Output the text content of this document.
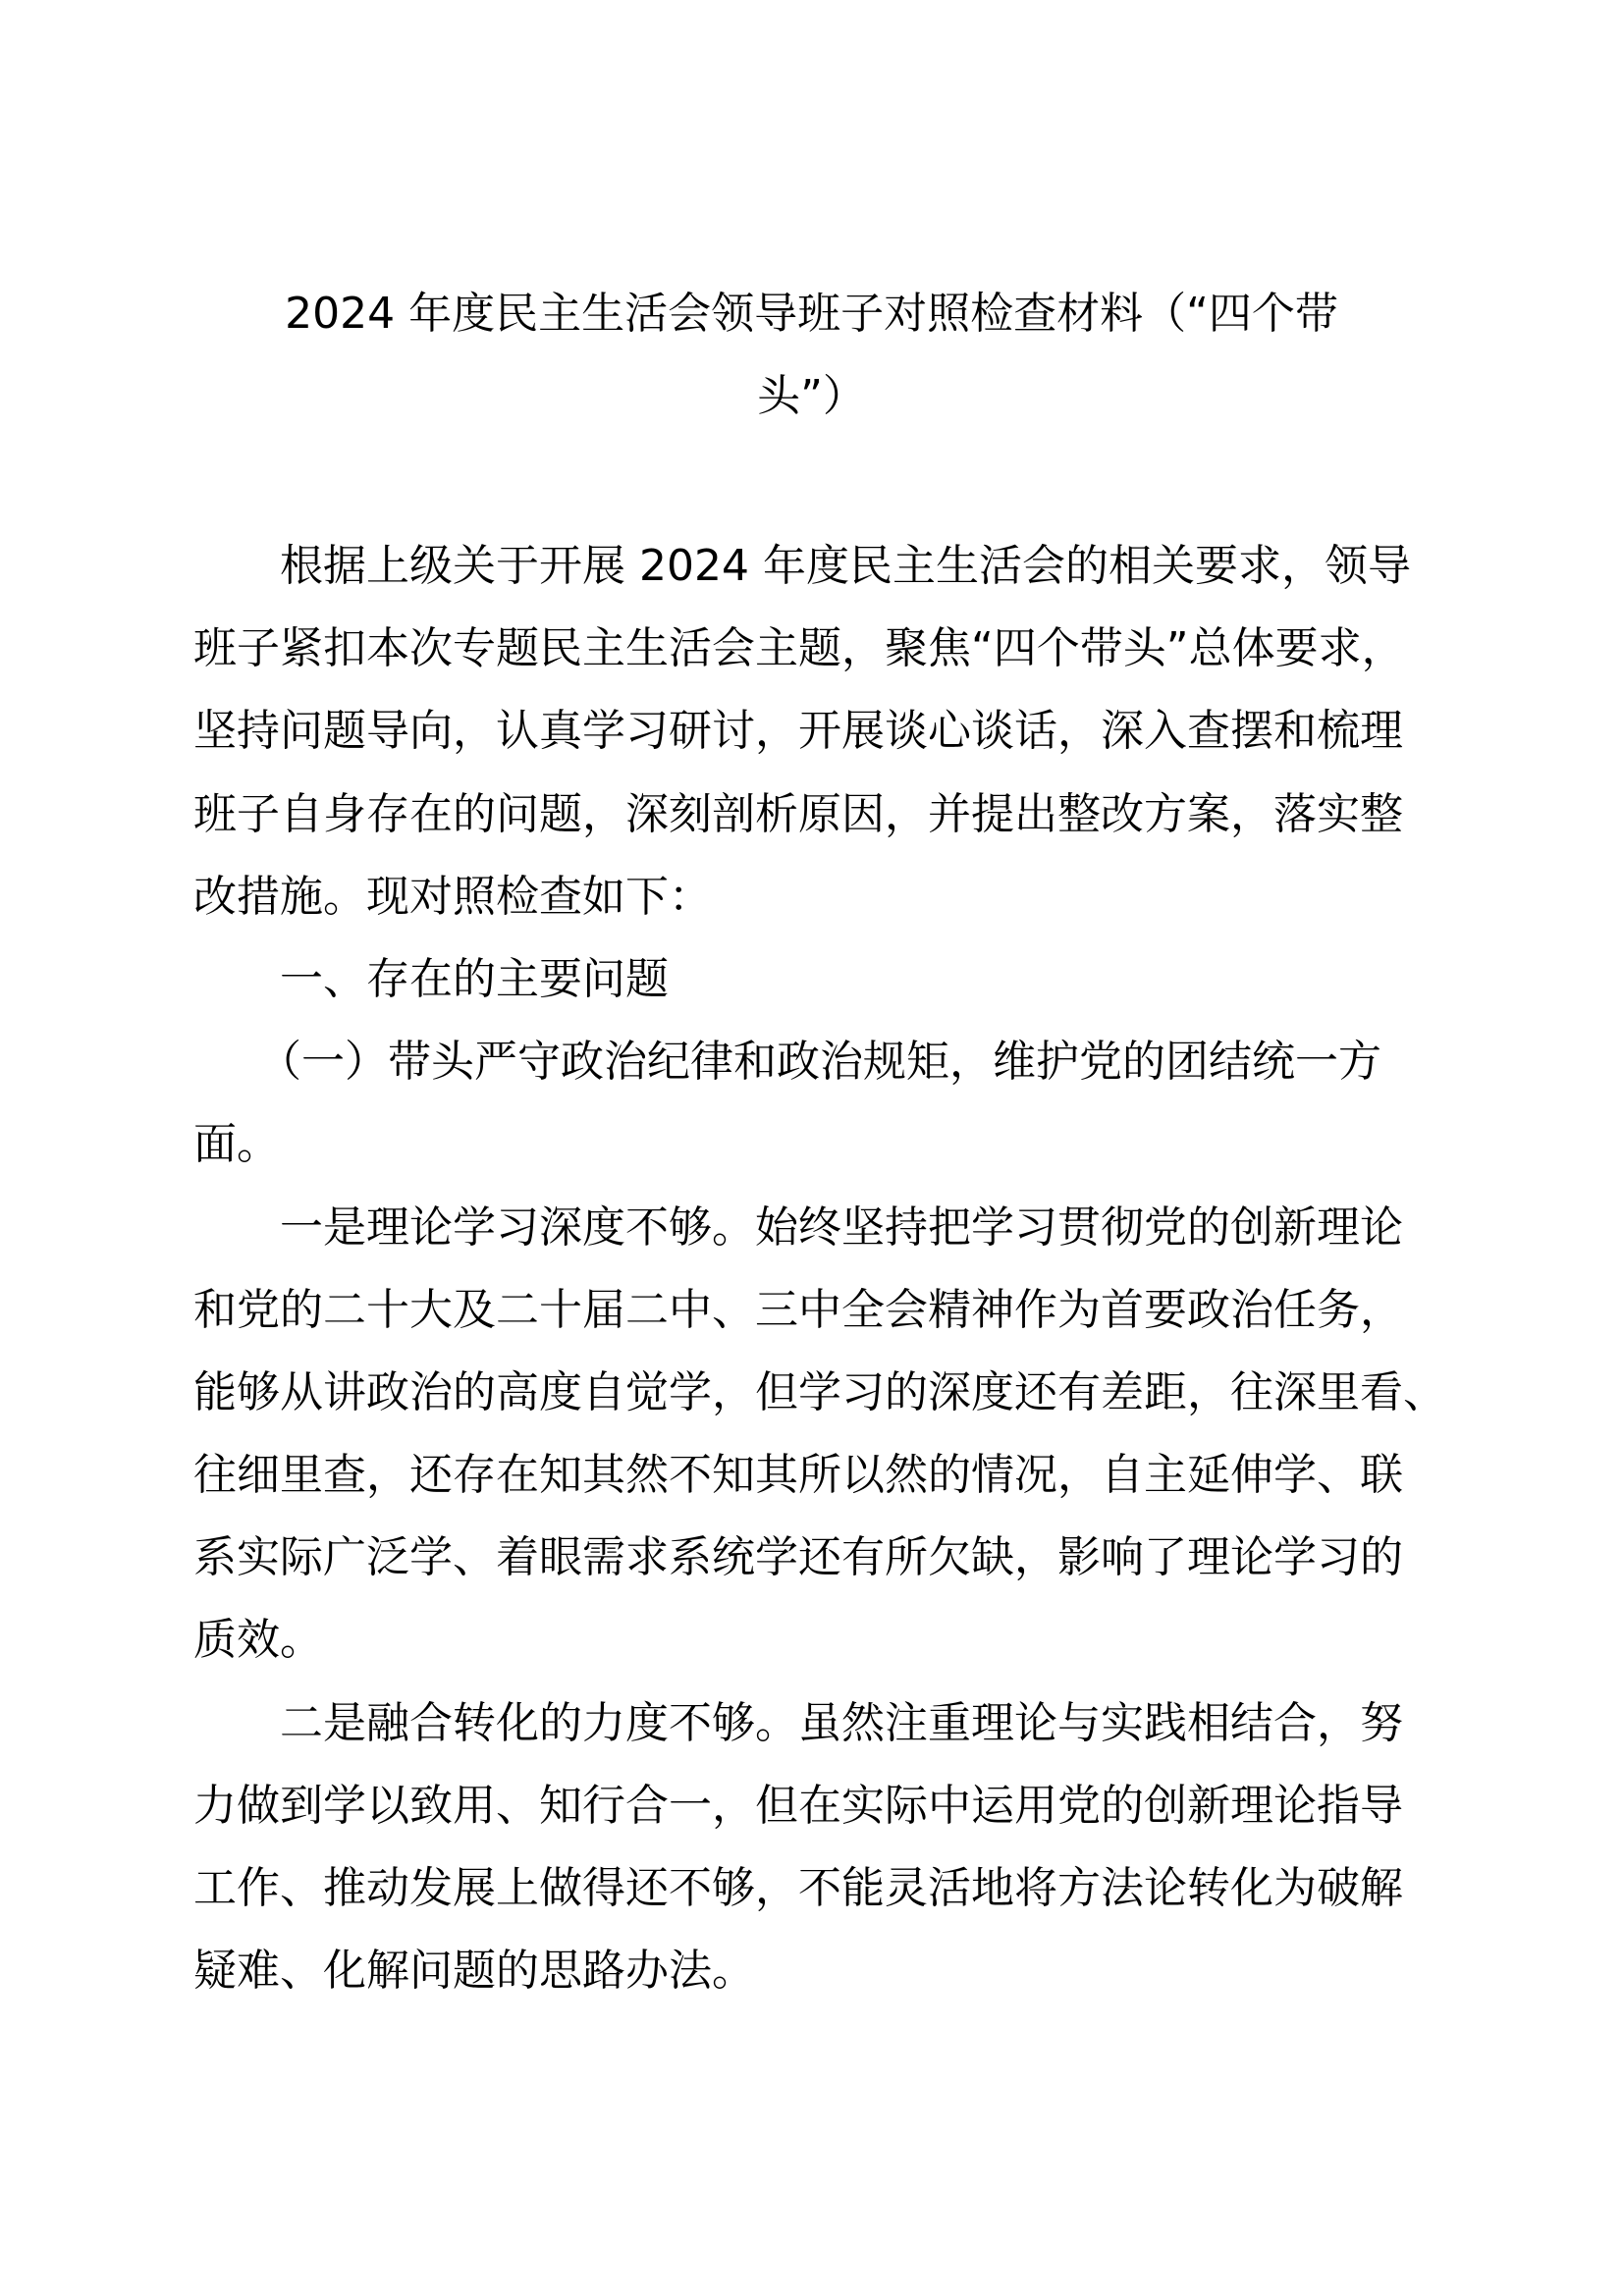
2024 年度民主生活会领导班子对照检查材料（“四个带
头”）
根据上级关于开展 2024 年度民主生活会的相关要求，领导
班子紧扣本次专题民主生活会主题，聚焦“四个带头”总体要求，
坚持问题导向，认真学习研讨，开展谈心谈话，深入查摆和梳理
班子自身存在的问题，深刻剖析原因，并提出整改方案，落实整
改措施。现对照检查如下：
一、存在的主要问题
（一）带头严守政治纪律和政治规矩，维护党的团结统一方
面。
一是理论学习深度不够。始终坚持把学习贯彻党的创新理论
和党的二十大及二十届二中、三中全会精神作为首要政治任务，
能够从讲政治的高度自觉学，但学习的深度还有差距，往深里看、
往细里查，还存在知其然不知其所以然的情况，自主延伸学、联
系实际广泛学、着眼需求系统学还有所欠缺，影响了理论学习的
质效。
二是融合转化的力度不够。虽然注重理论与实践相结合，努
力做到学以致用、知行合一，但在实际中运用党的创新理论指导
工作、推动发展上做得还不够，不能灵活地将方法论转化为破解
疑难、化解问题的思路办法。
